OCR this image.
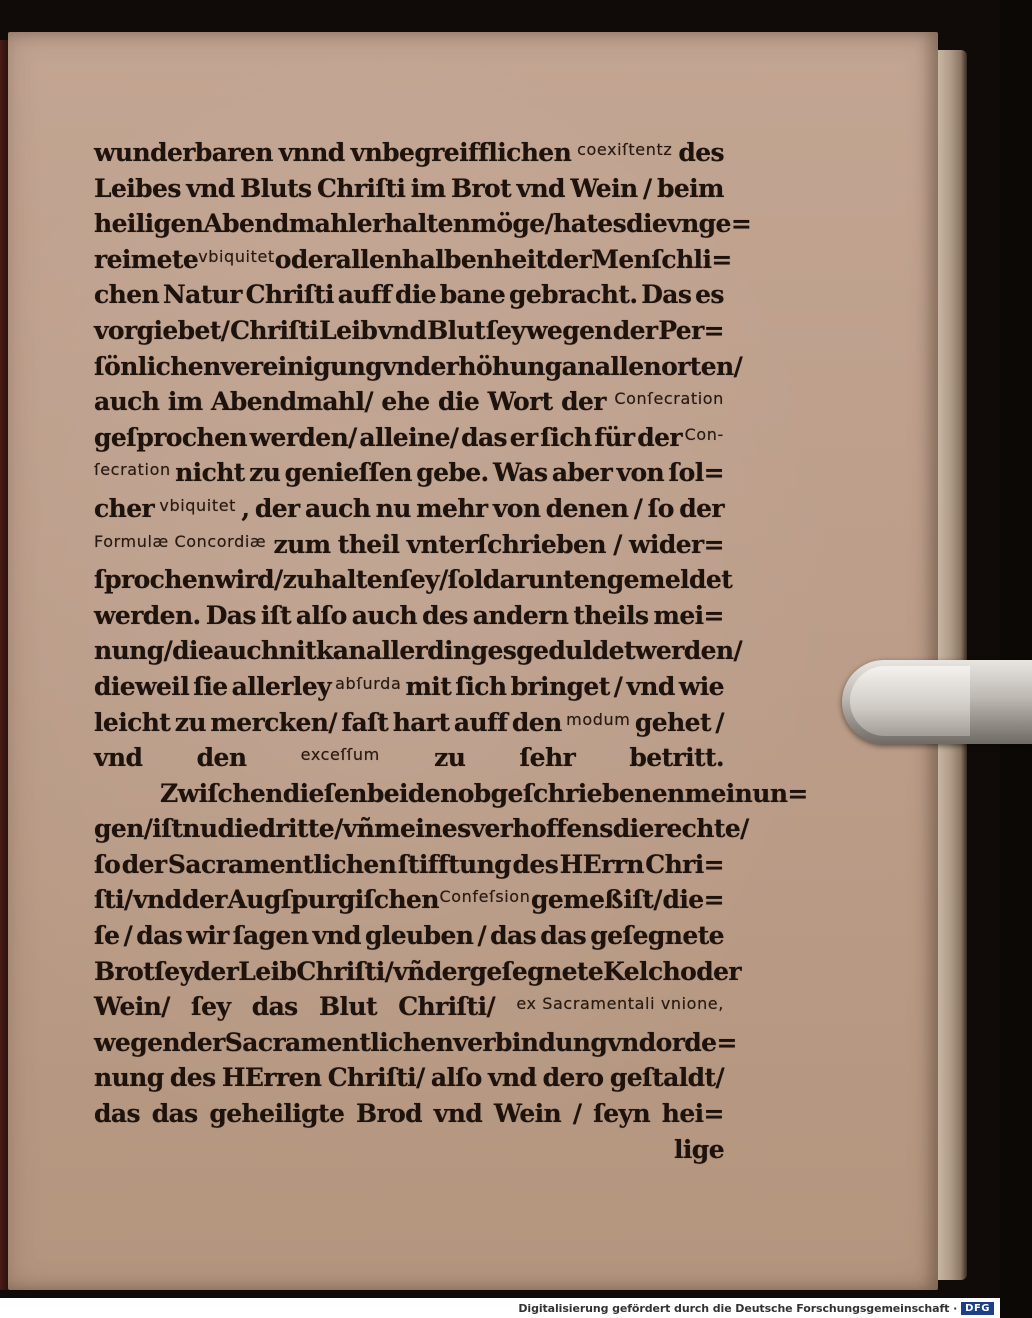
wunderbaren vnnd vnbegreifflichen coexiſtentz des
Leibes vnd Bluts Chriſti im Brot vnd Wein / beim
heiligen Abendmahl erhalten möge/ hat es die vnge=
reimete vbiquitet oder allenhalbenheit der Menſchli=
chen Natur Chriſti auff die bane gebracht. Das es
vorgiebet/ Chriſti Leib vnd Blut ſey wegen der Per=
ſönlichen vereinigung vnd erhöhung an allen orten/
auch im Abendmahl/ ehe die Wort der Conſecration
geſprochen werden/ alleine/ das er ſich für der Con-
ſecration nicht zu genieſſen gebe. Was aber von ſol=
cher vbiquitet , der auch nu mehr von denen / ſo der
Formulæ Concordiæ zum theil vnterſchrieben / wider=
ſprochen wird / zu halten ſey / ſol darunten gemeldet
werden. Das iſt alſo auch des andern theils mei=
nung/ die auch nit kan aller dinges geduldet werden/
dieweil ſie allerley abſurda mit ſich bringet / vnd wie
leicht zu mercken/ faſt hart auff den modum gehet /
vnd den	exceſſum zu ſehr betritt.
Zwiſchen dieſen beiden obgeſchriebenen meinun=
gen/ iſt nu die dritte/ vñ meines verhoffens die rechte/
ſo der Sacramentlichen ſtifftung des HErrn Chri=
ſti/ vnd der Augſpurgiſchen Confeſsion gemeß iſt/ die=
ſe / das wir ſagen vnd gleuben / das das geſegnete
Brot ſey der Leib Chriſti/ vñ der geſegnete Kelch oder
Wein/ ſey das Blut Chriſti/ ex Sacramentali vnione,
wegen der Sacramentlichen verbindung vnd orde=
nung des HErren Chriſti/ alſo vnd dero geſtaldt/
das das geheiligte Brod vnd Wein / ſeyn hei=
lige
Digitalisierung gefördert durch die Deutsche Forschungsgemeinschaft · DFG
